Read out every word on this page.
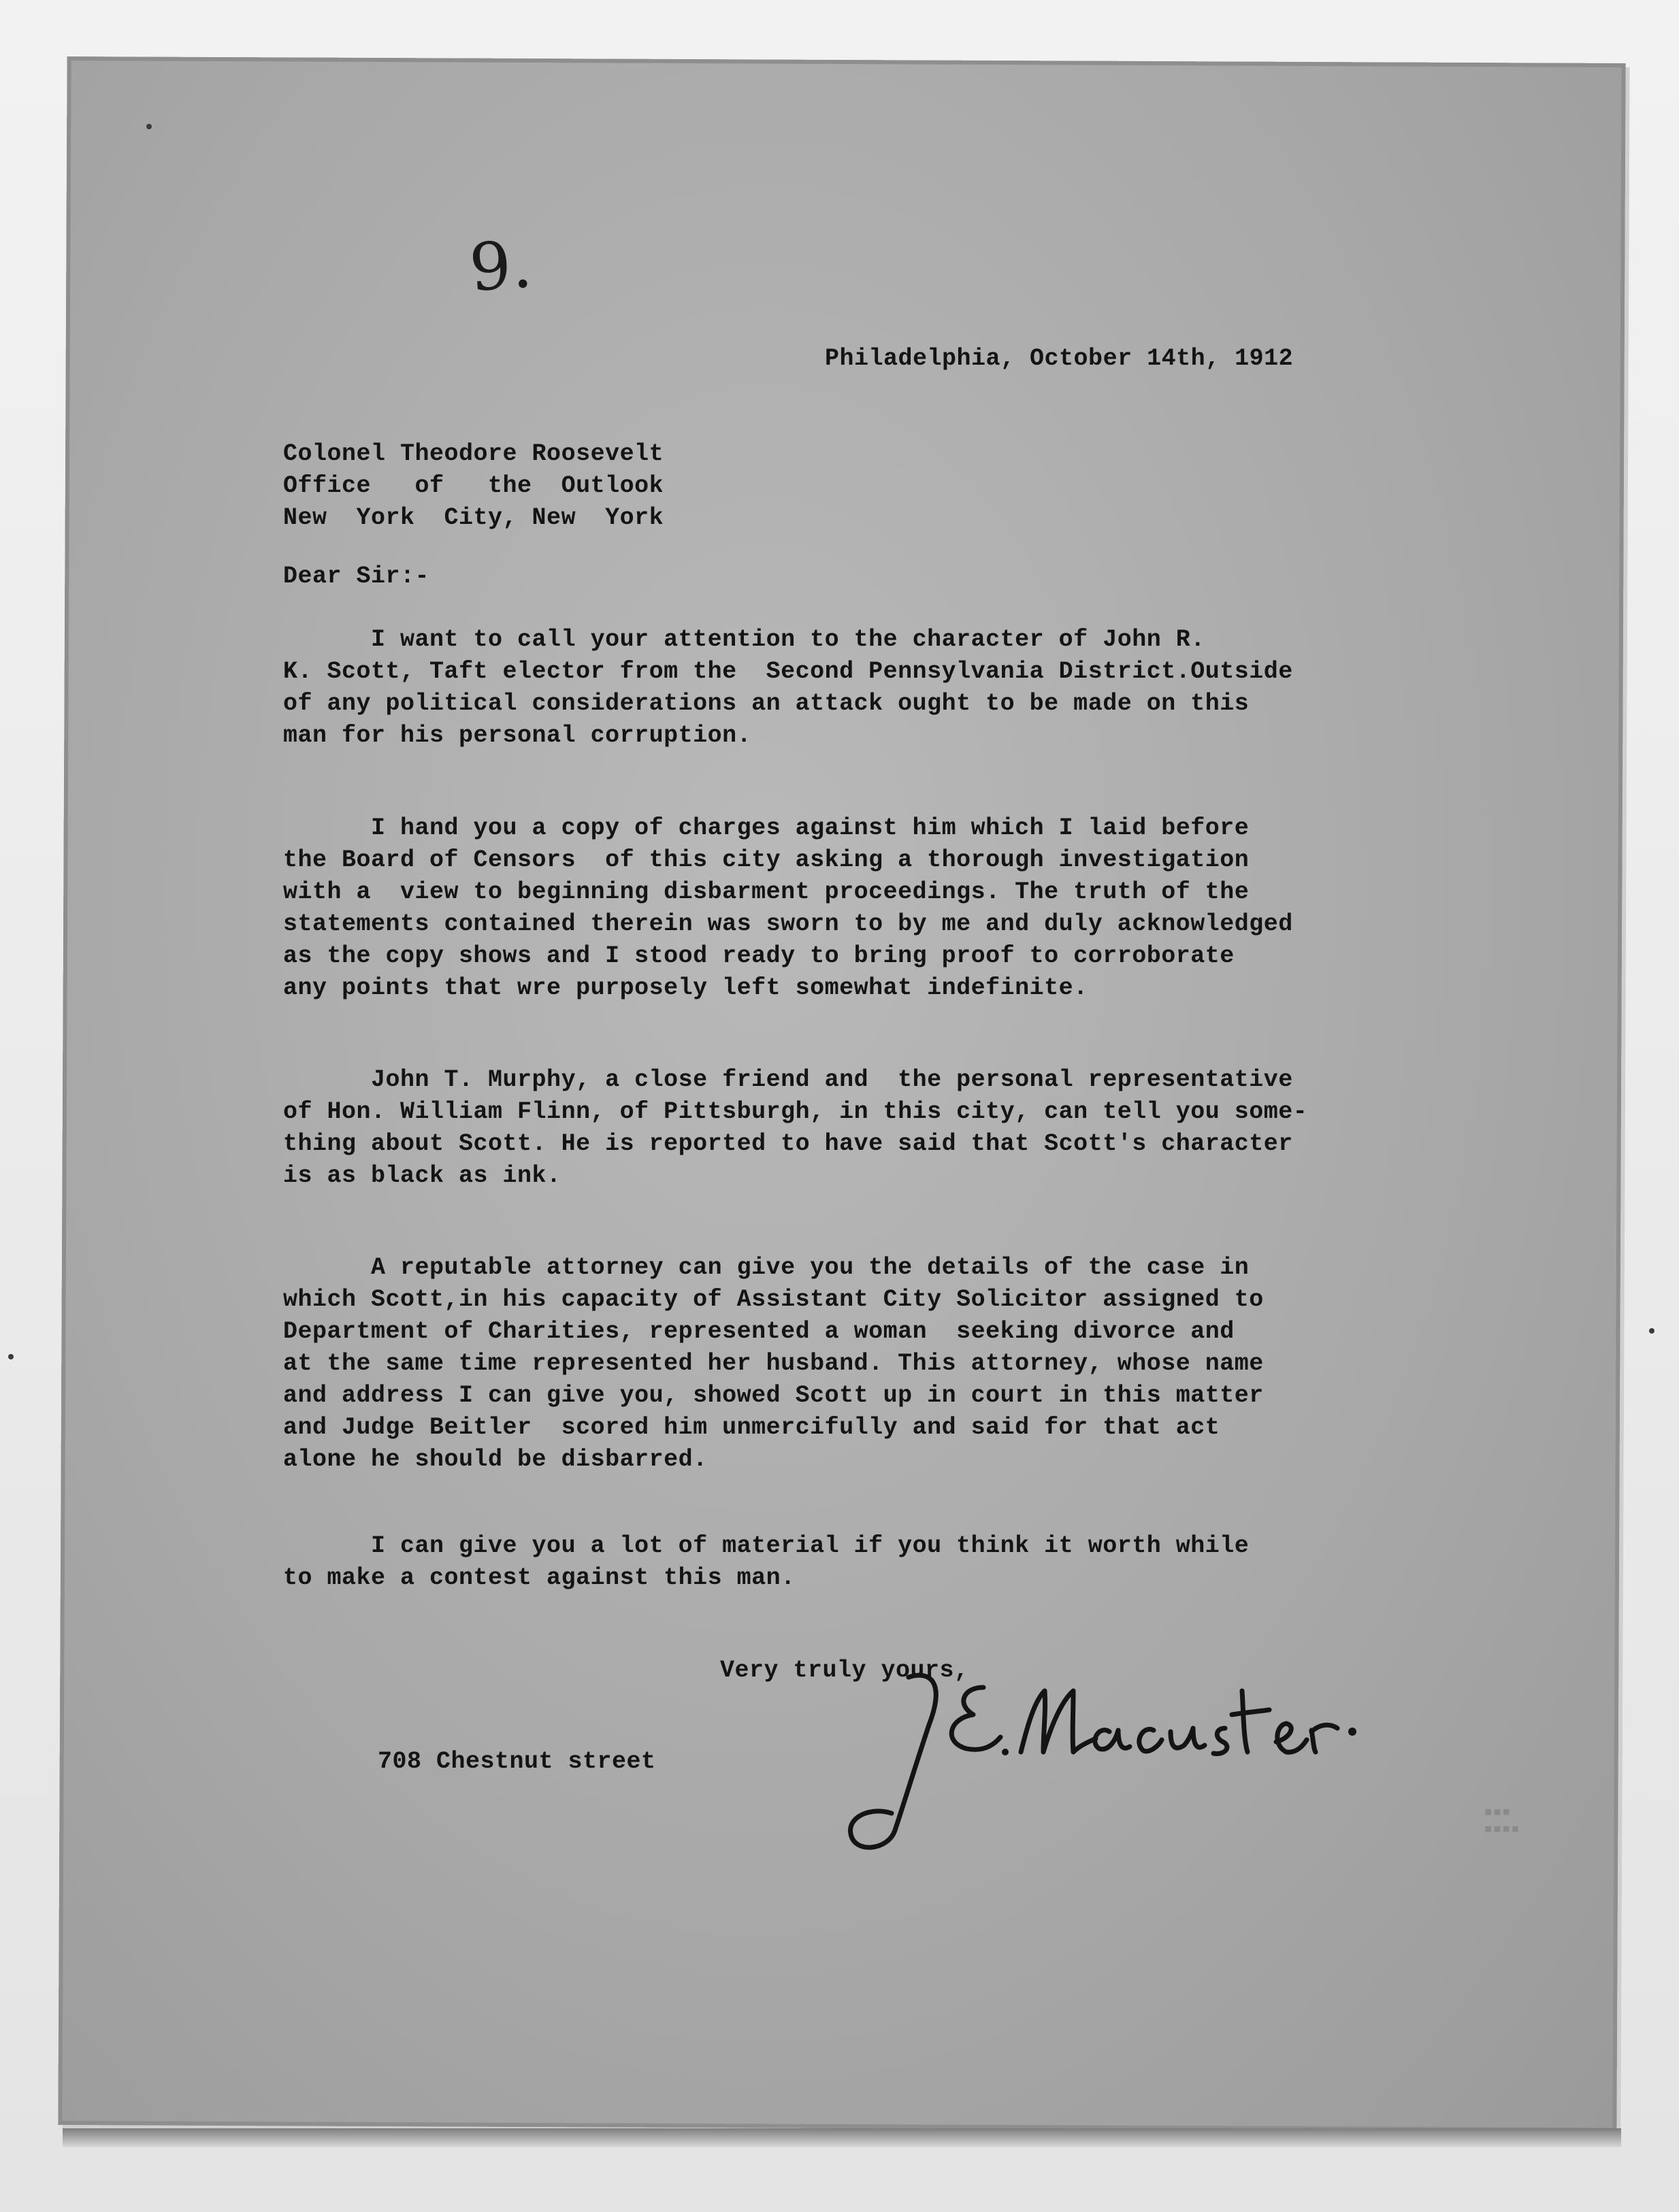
▪▪▪
▪▪▪▪
9.
Philadelphia, October 14th, 1912
Colonel Theodore Roosevelt
Office   of   the  Outlook
New  York  City, New  York
Dear Sir:-
I want to call your attention to the character of John R.
K. Scott, Taft elector from the  Second Pennsylvania District.Outside
of any political considerations an attack ought to be made on this
man for his personal corruption.
I hand you a copy of charges against him which I laid before
the Board of Censors  of this city asking a thorough investigation
with a  view to beginning disbarment proceedings. The truth of the
statements contained therein was sworn to by me and duly acknowledged
as the copy shows and I stood ready to bring proof to corroborate
any points that wre purposely left somewhat indefinite.
John T. Murphy, a close friend and  the personal representative
of Hon. William Flinn, of Pittsburgh, in this city, can tell you some-
thing about Scott. He is reported to have said that Scott's character
is as black as ink.
A reputable attorney can give you the details of the case in
which Scott,in his capacity of Assistant City Solicitor assigned to
Department of Charities, represented a woman  seeking divorce and
at the same time represented her husband. This attorney, whose name
and address I can give you, showed Scott up in court in this matter
and Judge Beitler  scored him unmercifully and said for that act
alone he should be disbarred.
I can give you a lot of material if you think it worth while
to make a contest against this man.
Very truly yours,
708 Chestnut street
